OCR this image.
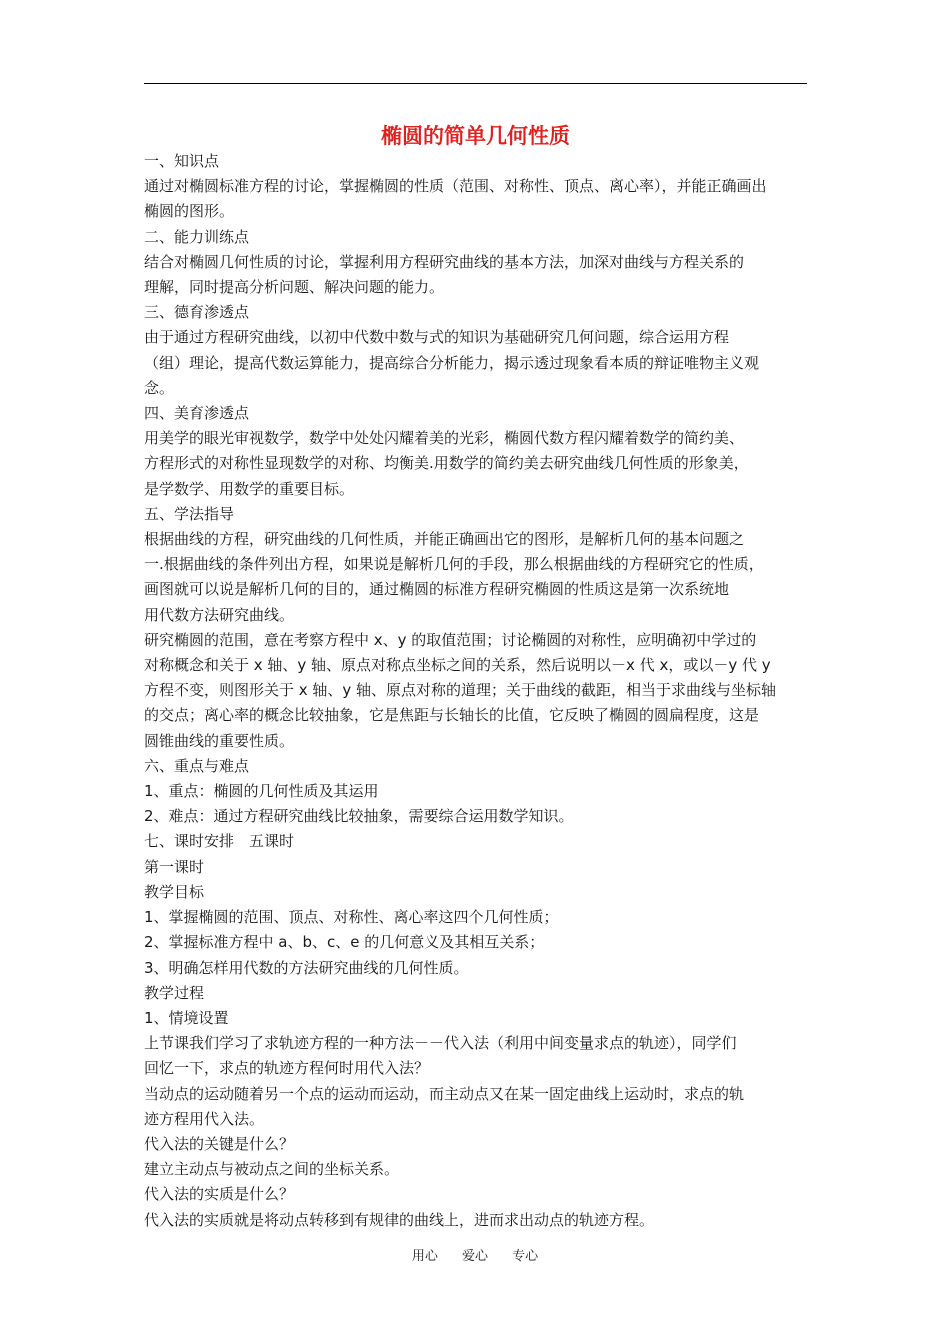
椭圆的简单几何性质

一、知识点

通过对椭圆标准方程的讨论，掌握椭圆的性质（范围、对称性、顶点、离心率），并能正确画出

椭圆的图形。

二、能力训练点

结合对椭圆几何性质的讨论，掌握利用方程研究曲线的基本方法，加深对曲线与方程关系的

理解，同时提高分析问题、解决问题的能力。

三、德育渗透点

由于通过方程研究曲线，以初中代数中数与式的知识为基础研究几何问题，综合运用方程

（组）理论，提高代数运算能力，提高综合分析能力，揭示透过现象看本质的辩证唯物主义观

念。

四、美育渗透点

用美学的眼光审视数学，数学中处处闪耀着美的光彩，椭圆代数方程闪耀着数学的简约美、

方程形式的对称性显现数学的对称、均衡美.用数学的简约美去研究曲线几何性质的形象美，

是学数学、用数学的重要目标。

五、学法指导

根据曲线的方程，研究曲线的几何性质，并能正确画出它的图形，是解析几何的基本问题之

一.根据曲线的条件列出方程，如果说是解析几何的手段，那么根据曲线的方程研究它的性质，

画图就可以说是解析几何的目的，通过椭圆的标准方程研究椭圆的性质这是第一次系统地

用代数方法研究曲线。

研究椭圆的范围，意在考察方程中 x、y 的取值范围；讨论椭圆的对称性，应明确初中学过的

对称概念和关于 x 轴、y 轴、原点对称点坐标之间的关系，然后说明以－x 代 x，或以－y 代 y

方程不变，则图形关于 x 轴、y 轴、原点对称的道理；关于曲线的截距，相当于求曲线与坐标轴

的交点；离心率的概念比较抽象，它是焦距与长轴长的比值，它反映了椭圆的圆扁程度，这是

圆锥曲线的重要性质。

六、重点与难点

1、重点：椭圆的几何性质及其运用

2、难点：通过方程研究曲线比较抽象，需要综合运用数学知识。

七、课时安排　五课时

第一课时

教学目标

1、掌握椭圆的范围、顶点、对称性、离心率这四个几何性质；

2、掌握标准方程中 a、b、c、e 的几何意义及其相互关系；

3、明确怎样用代数的方法研究曲线的几何性质。

教学过程

1、情境设置

上节课我们学习了求轨迹方程的一种方法－－代入法（利用中间变量求点的轨迹），同学们

回忆一下，求点的轨迹方程何时用代入法？

当动点的运动随着另一个点的运动而运动，而主动点又在某一固定曲线上运动时，求点的轨

迹方程用代入法。

代入法的关键是什么？

建立主动点与被动点之间的坐标关系。

代入法的实质是什么？

代入法的实质就是将动点转移到有规律的曲线上，进而求出动点的轨迹方程。

用心 爱心 专心
